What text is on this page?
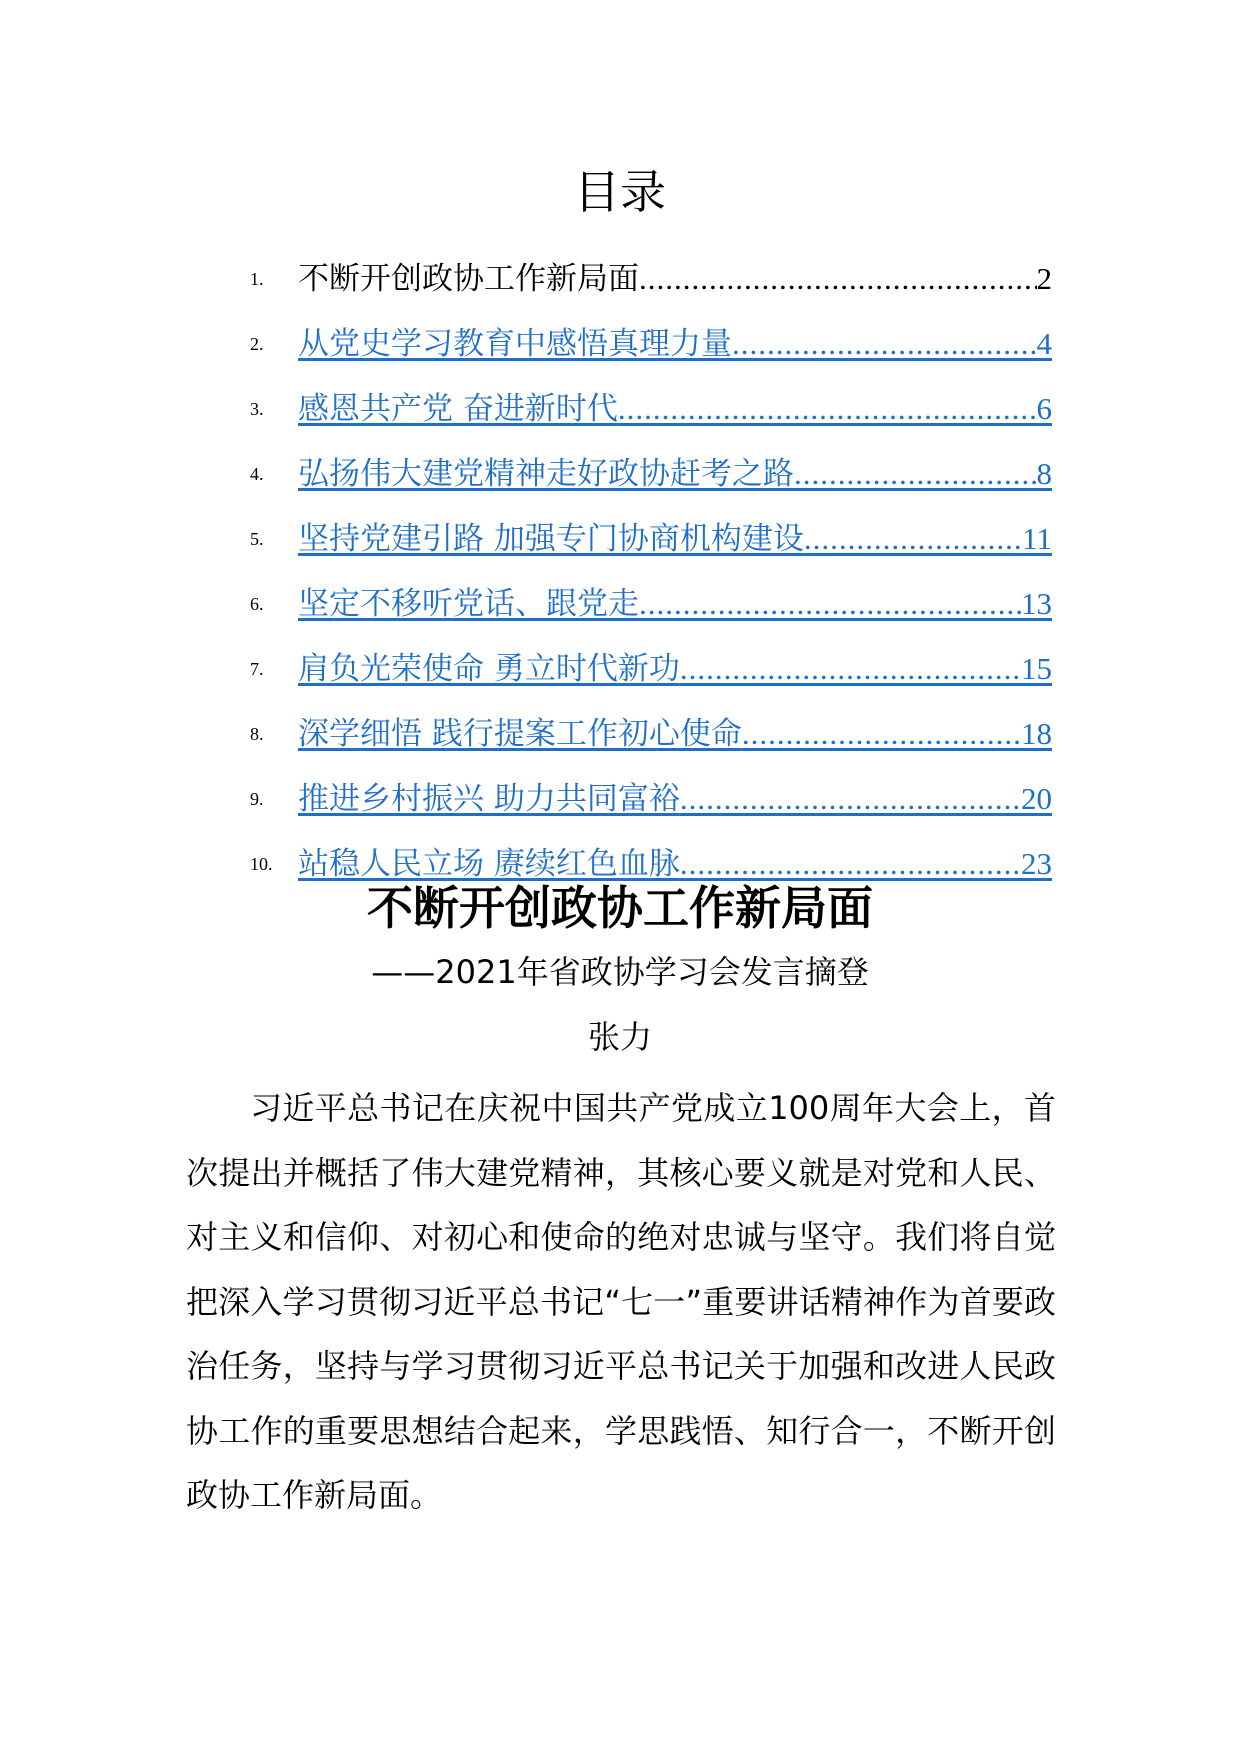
目录
1.	不断开创政协工作新局面 .....	2
2.	从党史学习教育中感悟真理力量 .....	4
3.	感恩共产党 奋进新时代 .....	6
4.	弘扬伟大建党精神走好政协赶考之路 .....	8
5.	坚持党建引路 加强专门协商机构建设 .....	11
6.	坚定不移听党话、跟党走 .....	13
7.	肩负光荣使命 勇立时代新功 .....	15
8.	深学细悟 践行提案工作初心使命 .....	18
9.	推进乡村振兴 助力共同富裕 .....	20
10. 站稳人民立场 赓续红色血脉 .....	23
不断开创政协工作新局面
——2021年省政协学习会发言摘登
张力

习近平总书记在庆祝中国共产党成立100周年大会上，首次提出并概括了伟大建党精神，其核心要义就是对党和人民、对主义和信仰、对初心和使命的绝对忠诚与坚守。我们将自觉把深入学习贯彻习近平总书记“七一”重要讲话精神作为首要政治任务，坚持与学习贯彻习近平总书记关于加强和改进人民政协工作的重要思想结合起来，学思践悟、知行合一，不断开创政协工作新局面。
